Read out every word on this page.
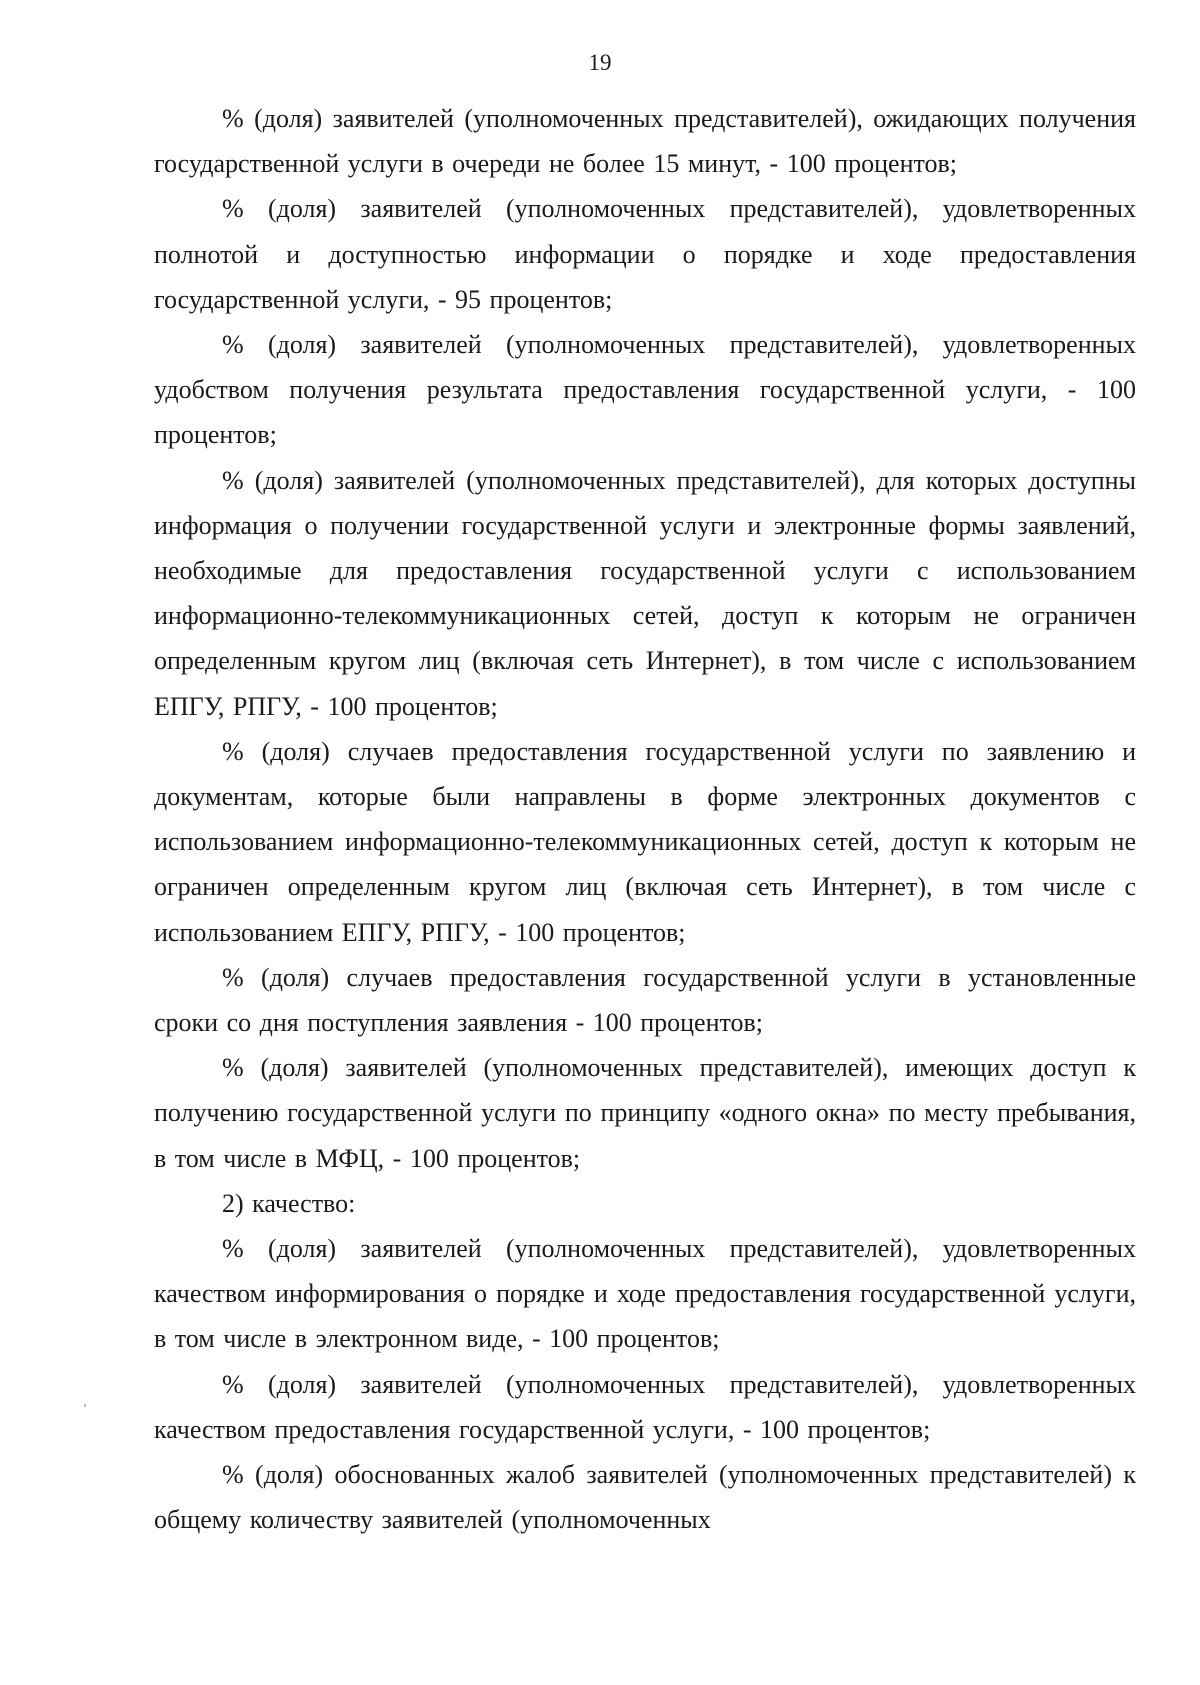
19

% (доля) заявителей (уполномоченных представителей), ожидающих получения государственной услуги в очереди не более 15 минут, - 100 процентов;

% (доля) заявителей (уполномоченных представителей), удовлетворенных полнотой и доступностью информации о порядке и ходе предоставления государственной услуги, - 95 процентов;

% (доля) заявителей (уполномоченных представителей), удовлетворенных удобством получения результата предоставления государственной услуги, - 100 процентов;

% (доля) заявителей (уполномоченных представителей), для которых доступны информация о получении государственной услуги и электронные формы заявлений, необходимые для предоставления государственной услуги с использованием информационно-телекоммуникационных сетей, доступ к которым не ограничен определенным кругом лиц (включая сеть Интернет), в том числе с использованием ЕПГУ, РПГУ, - 100 процентов;

% (доля) случаев предоставления государственной услуги по заявлению и документам, которые были направлены в форме электронных документов с использованием информационно-телекоммуникационных сетей, доступ к которым не ограничен определенным кругом лиц (включая сеть Интернет), в том числе с использованием ЕПГУ, РПГУ, - 100 процентов;

% (доля) случаев предоставления государственной услуги в установленные сроки со дня поступления заявления - 100 процентов;

% (доля) заявителей (уполномоченных представителей), имеющих доступ к получению государственной услуги по принципу «одного окна» по месту пребывания, в том числе в МФЦ, - 100 процентов;

2) качество:

% (доля) заявителей (уполномоченных представителей), удовлетворенных качеством информирования о порядке и ходе предоставления государственной услуги, в том числе в электронном виде, - 100 процентов;

% (доля) заявителей (уполномоченных представителей), удовлетворенных качеством предоставления государственной услуги, - 100 процентов;

% (доля) обоснованных жалоб заявителей (уполномоченных представителей) к общему количеству заявителей (уполномоченных
